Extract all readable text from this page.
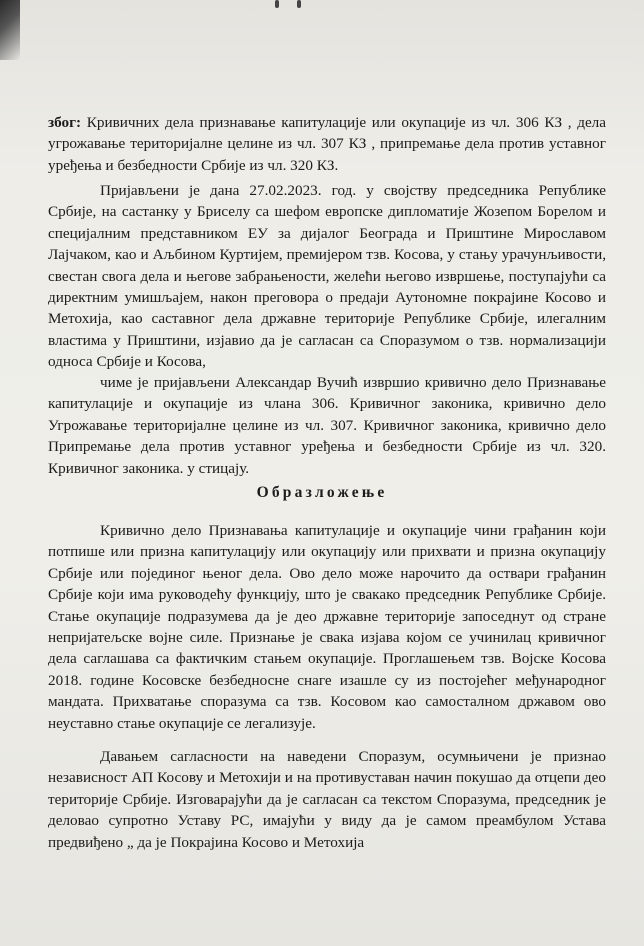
због: Кривичних дела признавање капитулације или окупације из чл. 306 КЗ , дела угрожавање територијалне целине из чл. 307 КЗ , припремање дела против уставног уређења и безбедности Србије из чл. 320 КЗ.

Пријављени је дана 27.02.2023. год. у својству председника Републике Србије, на састанку у Бриселу са шефом европске дипломатије Жозепом Борелом и специјалним представником ЕУ за дијалог Београда и Приштине Мирославом Лајчаком, као и Аљбином Куртијем, премијером тзв. Косова, у стању урачунљивости, свестан свога дела и његове забрањености, желећи његово извршење, поступајући са директним умишљајем, након преговора о предаји Аутономне покрајине Косово и Метохија, као саставног дела државне територије Републике Србије, илегалним властима у Приштини, изјавио да је сагласан са Споразумом о тзв. нормализацији односа Србије и Косова,

чиме је пријављени Александар Вучић извршио кривично дело Признавање капитулације и окупације из члана 306. Кривичног законика, кривично дело Угрожавање територијалне целине из чл. 307. Кривичног законика, кривично дело Припремање дела против уставног уређења и безбедности Србије из чл. 320. Кривичног законика. у стицају.

Образложење

Кривично дело Признавања капитулације и окупације чини грађанин који потпише или призна капитулацију или окупацију или прихвати и призна окупацију Србије или појединог њеног дела. Ово дело може нарочито да оствари грађанин Србије који има руководећу функцију, што је свакако председник Републике Србије. Стање окупације подразумева да је део државне територије запоседнут од стране непријатељске војне силе. Признање је свака изјава којом се учинилац кривичног дела саглашава са фактичким стањем окупације. Проглашењем тзв. Војске Косова 2018. године Косовске безбедносне снаге изашле су из постојећег међународног мандата. Прихватање споразума са тзв. Косовом као самосталном државом ово неуставно стање окупације се легализује.

Давањем сагласности на наведени Споразум, осумњичени је признао независност АП Косову и Метохији и на противуставан начин покушао да отцепи део територије Србије. Изговарајући да је сагласан са текстом Споразума, председник је деловао супротно Уставу РС, имајући у виду да је самом преамбулом Устава предвиђено „ да је Покрајина Косово и Метохија
